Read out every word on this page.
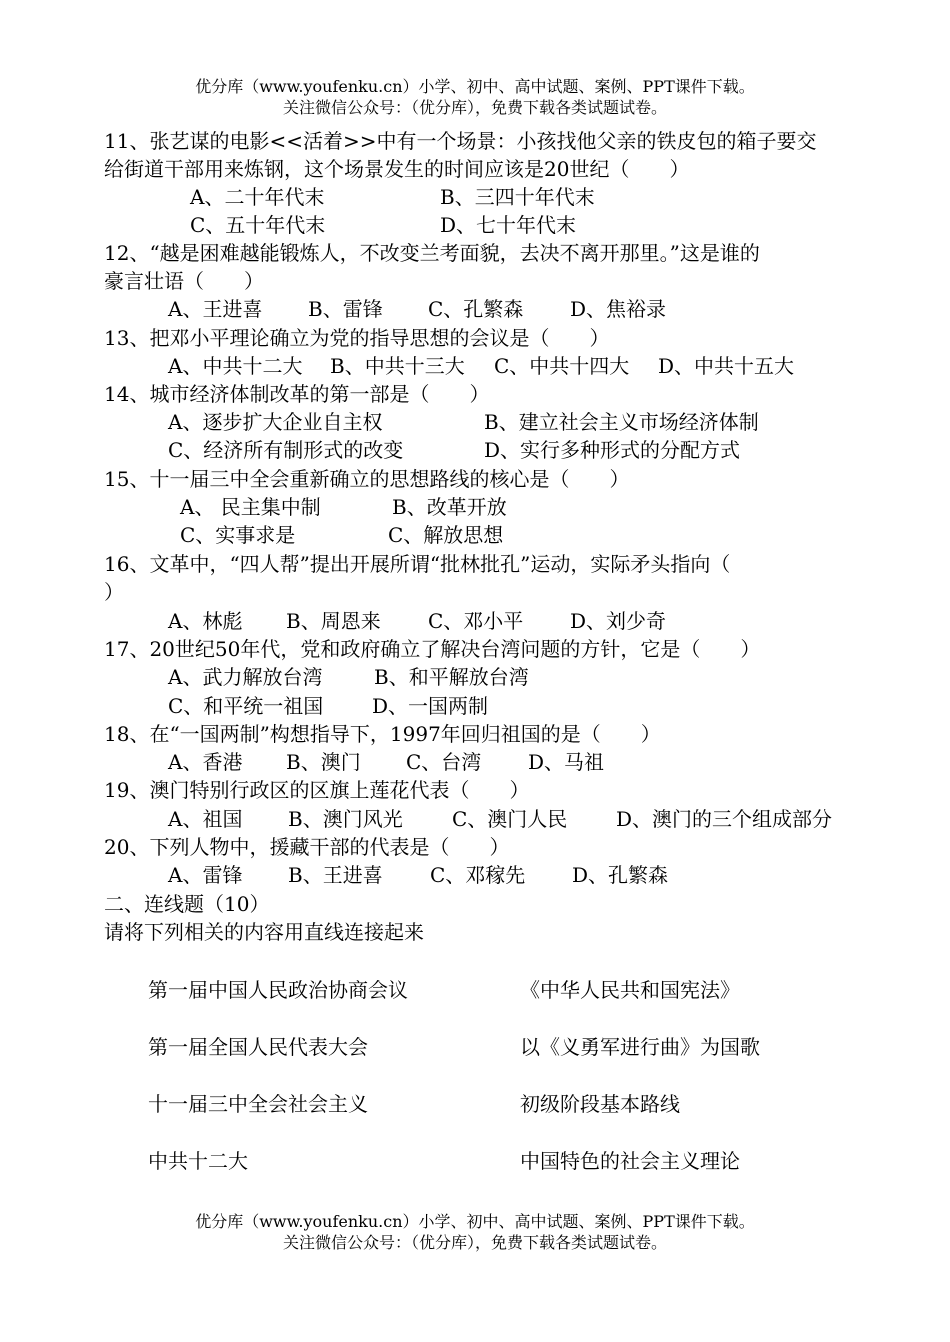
优分库（www.youfenku.cn）小学、初中、高中试题、案例、PPT课件下载。
关注微信公众号：（优分库），免费下载各类试题试卷。
11、张艺谋的电影<<活着>>中有一个场景：小孩找他父亲的铁皮包的箱子要交
给街道干部用来炼钢，这个场景发生的时间应该是20世纪（　　）
A、二十年代末	B、三四十年代末
C、五十年代末	D、七十年代末
12、“越是困难越能锻炼人，不改变兰考面貌，去决不离开那里。”这是谁的
豪言壮语（　　）
A、王进喜 B、雷锋 C、孔繁森 D、焦裕录
13、把邓小平理论确立为党的指导思想的会议是（　　）
A、中共十二大 B、中共十三大 C、中共十四大 D、中共十五大
14、城市经济体制改革的第一部是（　　）
A、逐步扩大企业自主权	B、建立社会主义市场经济体制
C、经济所有制形式的改变	D、实行多种形式的分配方式
15、十一届三中全会重新确立的思想路线的核心是（　　）
A、 民主集中制	B、改革开放
C、实事求是	C、解放思想
16、文革中，“四人帮”提出开展所谓“批林批孔”运动，实际矛头指向（
）
A、林彪 B、周恩来 C、邓小平 D、刘少奇
17、20世纪50年代，党和政府确立了解决台湾问题的方针，它是（　　）
A、武力解放台湾	B、和平解放台湾
C、和平统一祖国 D、一国两制
18、在“一国两制”构想指导下，1997年回归祖国的是（　　）
A、香港 B、澳门 C、台湾 D、马祖
19、澳门特别行政区的区旗上莲花代表（　　）
A、祖国 B、澳门风光 C、澳门人民 D、澳门的三个组成部分
20、下列人物中，援藏干部的代表是（　　）
A、雷锋 B、王进喜 C、邓稼先 D、孔繁森
二、连线题（10）
请将下列相关的内容用直线连接起来
第一届中国人民政治协商会议	《中华人民共和国宪法》
第一届全国人民代表大会	以《义勇军进行曲》为国歌
十一届三中全会社会主义	初级阶段基本路线
中共十二大	中国特色的社会主义理论
优分库（www.youfenku.cn）小学、初中、高中试题、案例、PPT课件下载。
关注微信公众号：（优分库），免费下载各类试题试卷。
